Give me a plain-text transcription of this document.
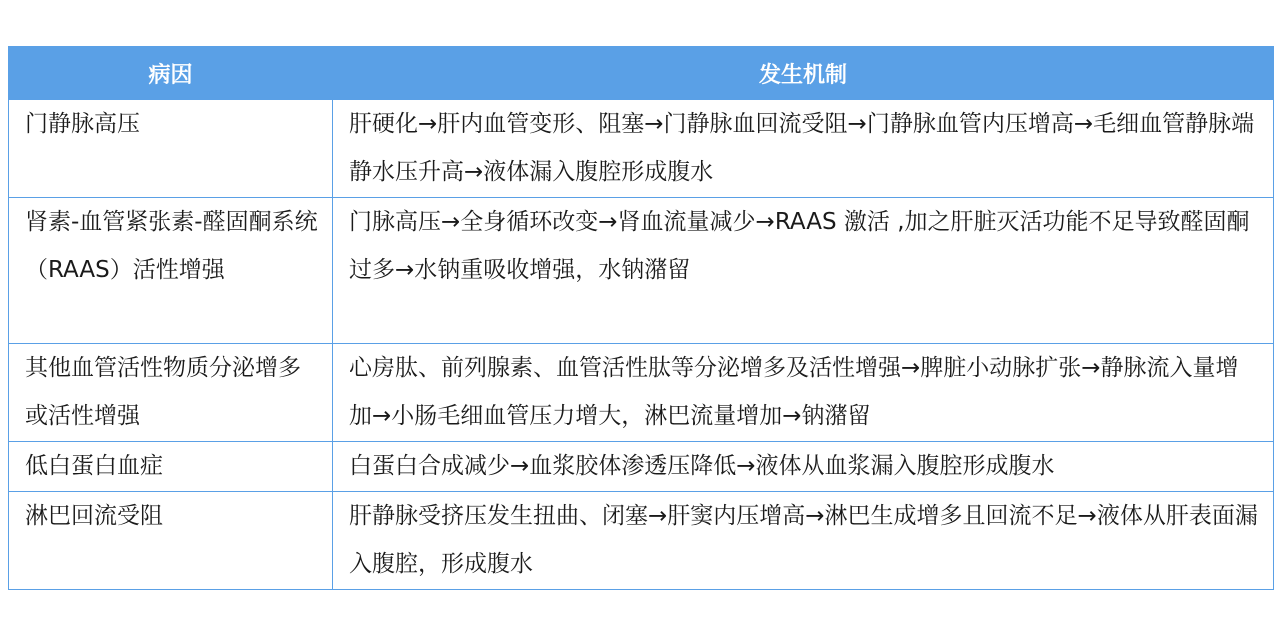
病因	发生机制
门静脉高压	肝硬化→肝内血管变形、阻塞→门静脉血回流受阻→门静脉血管内压增高→毛细血管静脉端静水压升高→液体漏入腹腔形成腹水
肾素-血管紧张素-醛固酮系统（RAAS）活性增强	门脉高压→全身循环改变→肾血流量减少→RAAS 激活 ,加之肝脏灭活功能不足导致醛固酮过多→水钠重吸收增强，水钠潴留
其他血管活性物质分泌增多或活性增强	心房肽、前列腺素、血管活性肽等分泌增多及活性增强→脾脏小动脉扩张→静脉流入量增加→小肠毛细血管压力增大，淋巴流量增加→钠潴留
低白蛋白血症	白蛋白合成减少→血浆胶体渗透压降低→液体从血浆漏入腹腔形成腹水
淋巴回流受阻	肝静脉受挤压发生扭曲、闭塞→肝窦内压增高→淋巴生成增多且回流不足→液体从肝表面漏入腹腔，形成腹水
